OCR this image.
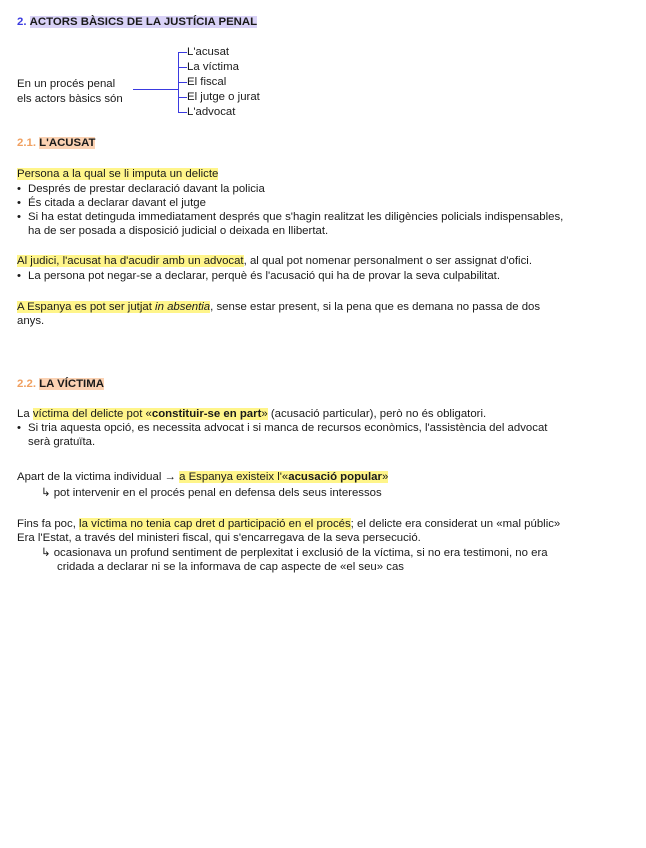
2. ACTORS BÀSICS DE LA JUSTÍCIA PENAL
En un procés penal
els actors bàsics són
L'acusat
La víctima
El fiscal
El jutge o jurat
L'advocat
2.1. L'ACUSAT
Persona a la qual se li imputa un delicte
• Després de prestar declaració davant la policia
• És citada a declarar davant el jutge
• Si ha estat detinguda immediatament després que s'hagin realitzat les diligències policials indispensables,
ha de ser posada a disposició judicial o deixada en llibertat.
Al judici, l'acusat ha d'acudir amb un advocat, al qual pot nomenar personalment o ser assignat d'ofici.
• La persona pot negar-se a declarar, perquè és l'acusació qui ha de provar la seva culpabilitat.
A Espanya es pot ser jutjat in absentia, sense estar present, si la pena que es demana no passa de dos
anys.
2.2. LA VÍCTIMA
La víctima del delicte pot «constituir-se en part» (acusació particular), però no és obligatori.
• Si tria aquesta opció, es necessita advocat i si manca de recursos econòmics, l'assistència del advocat
serà gratuïta.
Apart de la victima individual → a Espanya existeix l'«acusació popular»
↳ pot intervenir en el procés penal en defensa dels seus interessos
Fins fa poc, la víctima no tenia cap dret d participació en el procés; el delicte era considerat un «mal públic»
Era l'Estat, a través del ministeri fiscal, qui s'encarregava de la seva persecució.
↳ ocasionava un profund sentiment de perplexitat i exclusió de la víctima, si no era testimoni, no era
cridada a declarar ni se la informava de cap aspecte de «el seu» cas
